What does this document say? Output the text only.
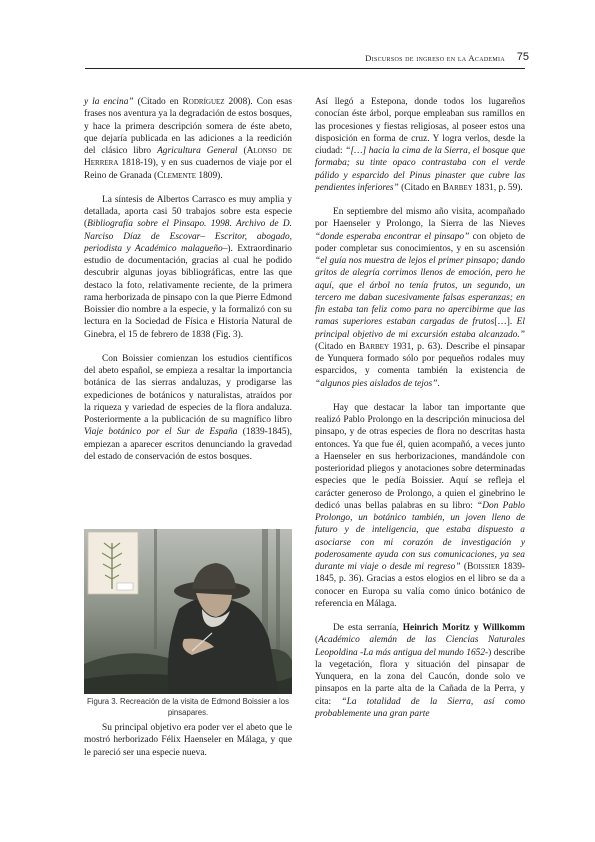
Discursos de ingreso en la Academia 75

y la encina” (Citado en Rodríguez 2008). Con esas frases nos aventura ya la degradación de estos bosques, y hace la primera descripción somera de éste abeto, que dejaría publicada en las adiciones a la reedición del clásico libro Agricultura General (Alonso de Herrera 1818-19), y en sus cuadernos de viaje por el Reino de Granada (Clemente 1809).

La síntesis de Albertos Carrasco es muy amplia y detallada, aporta casi 50 trabajos sobre esta especie (Bibliografía sobre el Pinsapo. 1998. Archivo de D. Narciso Díaz de Escovar– Escritor, abogado, periodista y Académico malagueño–). Extraordinario estudio de documentación, gracias al cual he podido descubrir algunas joyas bibliográficas, entre las que destaco la foto, relativamente reciente, de la primera rama herborizada de pinsapo con la que Pierre Edmond Boissier dio nombre a la especie, y la formalizó con su lectura en la Sociedad de Física e Historia Natural de Ginebra, el 15 de febrero de 1838 (Fig. 3).

Con Boissier comienzan los estudios científicos del abeto español, se empieza a resaltar la importancia botánica de las sierras andaluzas, y prodigarse las expediciones de botánicos y naturalistas, atraídos por la riqueza y variedad de especies de la flora andaluza. Posteriormente a la publicación de su magnífico libro Viaje botánico por el Sur de España (1839-1845), empiezan a aparecer escritos denunciando la gravedad del estado de conservación de estos bosques.

Figura 3. Recreación de la visita de Edmond Boissier a los pinsapares.

Su principal objetivo era poder ver el abeto que le mostró herborizado Félix Haenseler en Málaga, y que le pareció ser una especie nueva.

Así llegó a Estepona, donde todos los lugareños conocían éste árbol, porque empleaban sus ramillos en las procesiones y fiestas religiosas, al poseer estos una disposición en forma de cruz. Y logra verlos, desde la ciudad: “[…] hacia la cima de la Sierra, el bosque que formaba; su tinte opaco contrastaba con el verde pálido y esparcido del Pinus pinaster que cubre las pendientes inferiores” (Citado en Barbey 1831, p. 59).

En septiembre del mismo año visita, acompañado por Haenseler y Prolongo, la Sierra de las Nieves “donde esperaba encontrar el pinsapo” con objeto de poder completar sus conocimientos, y en su ascensión “el guía nos muestra de lejos el primer pinsapo; dando gritos de alegría corrimos llenos de emoción, pero he aquí, que el árbol no tenía frutos, un segundo, un tercero me daban sucesivamente falsas esperanzas; en fin estaba tan feliz como para no apercibirme que las ramas superiores estaban cargadas de frutos[…]. El principal objetivo de mi excursión estaba alcanzado.” (Citado en Barbey 1931, p. 63). Describe el pinsapar de Yunquera formado sólo por pequeños rodales muy esparcidos, y comenta también la existencia de “algunos pies aislados de tejos”.

Hay que destacar la labor tan importante que realizó Pablo Prolongo en la descripción minuciosa del pinsapo, y de otras especies de flora no descritas hasta entonces. Ya que fue él, quien acompañó, a veces junto a Haenseler en sus herborizaciones, mandándole con posterioridad pliegos y anotaciones sobre determinadas especies que le pedía Boissier. Aquí se refleja el carácter generoso de Prolongo, a quien el ginebrino le dedicó unas bellas palabras en su libro: “Don Pablo Prolongo, un botánico también, un joven lleno de futuro y de inteligencia, que estaba dispuesto a asociarse con mi corazón de investigación y poderosamente ayuda con sus comunicaciones, ya sea durante mi viaje o desde mi regreso” (Boissier 1839-1845, p. 36). Gracias a estos elogios en el libro se da a conocer en Europa su valía como único botánico de referencia en Málaga.

De esta serranía, Heinrich Moritz y Willkomm (Académico alemán de las Ciencias Naturales Leopoldina -La más antigua del mundo 1652-) describe la vegetación, flora y situación del pinsapar de Yunquera, en la zona del Caucón, donde solo ve pinsapos en la parte alta de la Cañada de la Perra, y cita: “La totalidad de la Sierra, así como probablemente una gran parte
